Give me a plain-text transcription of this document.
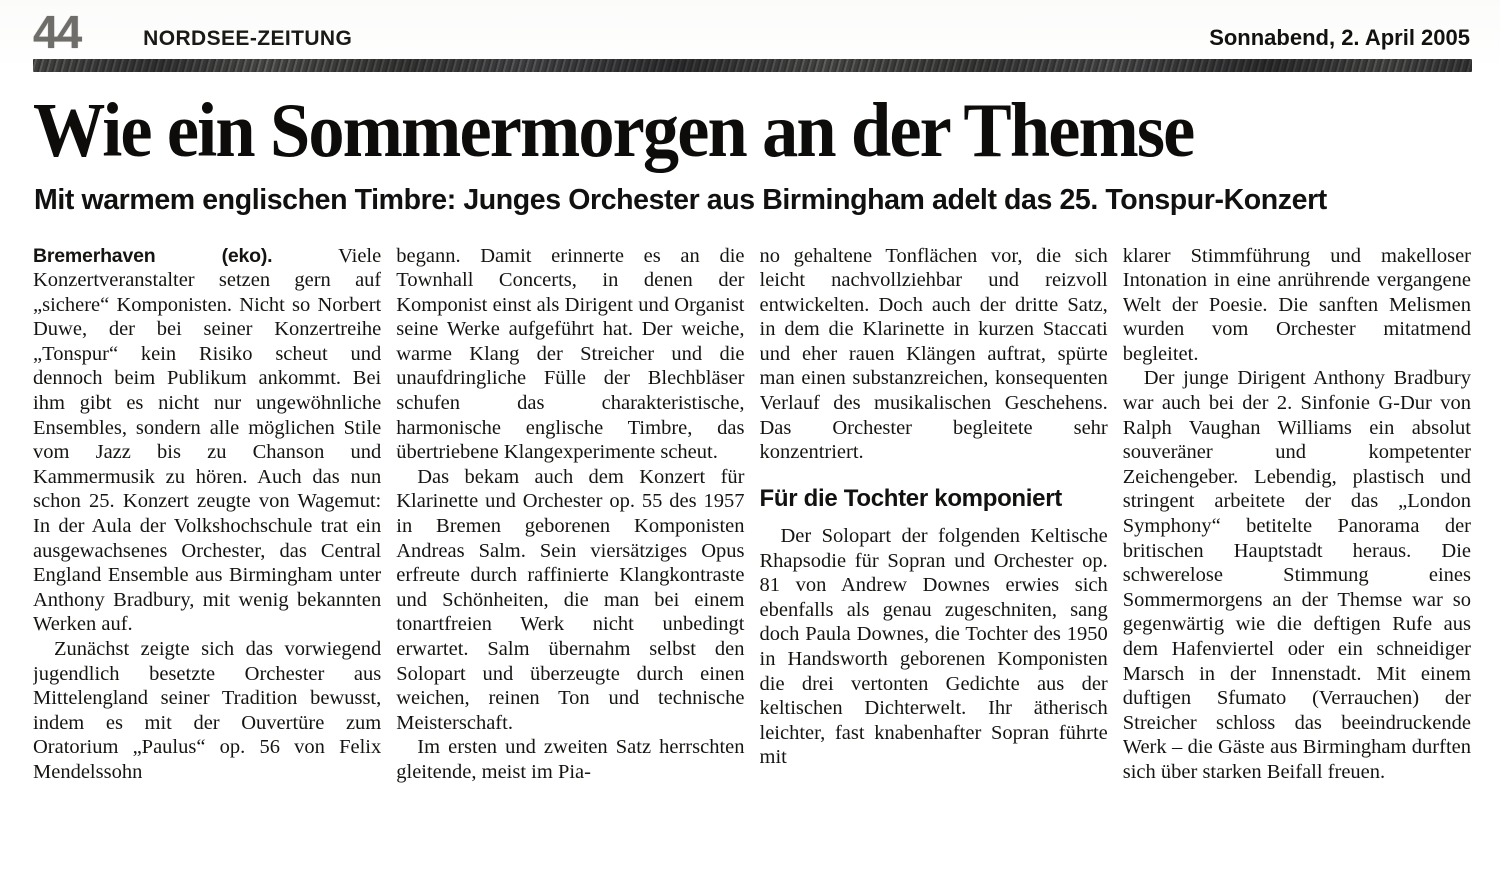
44	NORDSEE-ZEITUNG	Sonnabend, 2. April 2005
Wie ein Sommermorgen an der Themse
Mit warmem englischen Timbre: Junges Orchester aus Birmingham adelt das 25. Tonspur-Konzert

Bremerhaven (eko).	Viele Konzertveranstalter setzen gern auf „sichere“ Komponisten. Nicht so Norbert Duwe, der bei seiner Konzertreihe „Tonspur“ kein Risiko scheut und dennoch beim Publikum ankommt. Bei ihm gibt es nicht nur ungewöhnliche Ensembles, sondern alle möglichen Stile vom Jazz bis zu Chanson und Kammermusik zu hören. Auch das nun schon 25. Konzert zeugte von Wagemut: In der Aula der Volkshochschule trat ein ausgewachsenes Orchester, das Central England Ensemble aus Birmingham unter Anthony Bradbury, mit wenig bekannten Werken auf.

Zunächst zeigte sich das vorwiegend jugendlich besetzte Orchester aus Mittelengland seiner Tradition bewusst, indem es mit der Ouvertüre zum Oratorium „Paulus“ op. 56 von Felix Mendelssohn

begann. Damit erinnerte es an die Townhall Concerts, in denen der Komponist einst als Dirigent und Organist seine Werke aufgeführt hat. Der weiche, warme Klang der Streicher und die unaufdringliche Fülle der Blechbläser schufen das charakteristische, harmonische englische Timbre, das übertriebene Klangexperimente scheut.

Das bekam auch dem Konzert für Klarinette und Orchester op. 55 des 1957 in Bremen geborenen Komponisten Andreas Salm. Sein viersätziges Opus erfreute durch raffinierte Klangkontraste und Schönheiten, die man bei einem tonartfreien Werk nicht unbedingt erwartet. Salm übernahm selbst den Solopart und überzeugte durch einen weichen, reinen Ton und technische Meisterschaft.

Im ersten und zweiten Satz herrschten gleitende, meist im Pia-

no gehaltene Tonflächen vor, die sich leicht nachvollziehbar und reizvoll entwickelten. Doch auch der dritte Satz, in dem die Klarinette in kurzen Staccati und eher rauen Klängen auftrat, spürte man einen substanzreichen, konsequenten Verlauf des musikalischen Geschehens. Das Orchester begleitete sehr konzentriert.

Für die Tochter komponiert

Der Solopart der folgenden Keltische Rhapsodie für Sopran und Orchester op. 81 von Andrew Downes erwies sich ebenfalls als genau zugeschniten, sang doch Paula Downes, die Tochter des 1950 in Handsworth geborenen Komponisten die drei vertonten Gedichte aus der keltischen Dichterwelt. Ihr ätherisch leichter, fast knabenhafter Sopran führte mit

klarer Stimmführung und makelloser Intonation in eine anrührende vergangene Welt der Poesie. Die sanften Melismen wurden vom Orchester mitatmend begleitet.

Der junge Dirigent Anthony Bradbury war auch bei der 2. Sinfonie G-Dur von Ralph Vaughan Williams ein absolut souveräner und kompetenter Zeichengeber. Lebendig, plastisch und stringent arbeitete der das „London Symphony“ betitelte Panorama der britischen Hauptstadt heraus. Die schwerelose Stimmung eines Sommermorgens an der Themse war so gegenwärtig wie die deftigen Rufe aus dem Hafenviertel oder ein schneidiger Marsch in der Innenstadt. Mit einem duftigen Sfumato (Verrauchen) der Streicher schloss das beeindruckende Werk – die Gäste aus Birmingham durften sich über starken Beifall freuen.
